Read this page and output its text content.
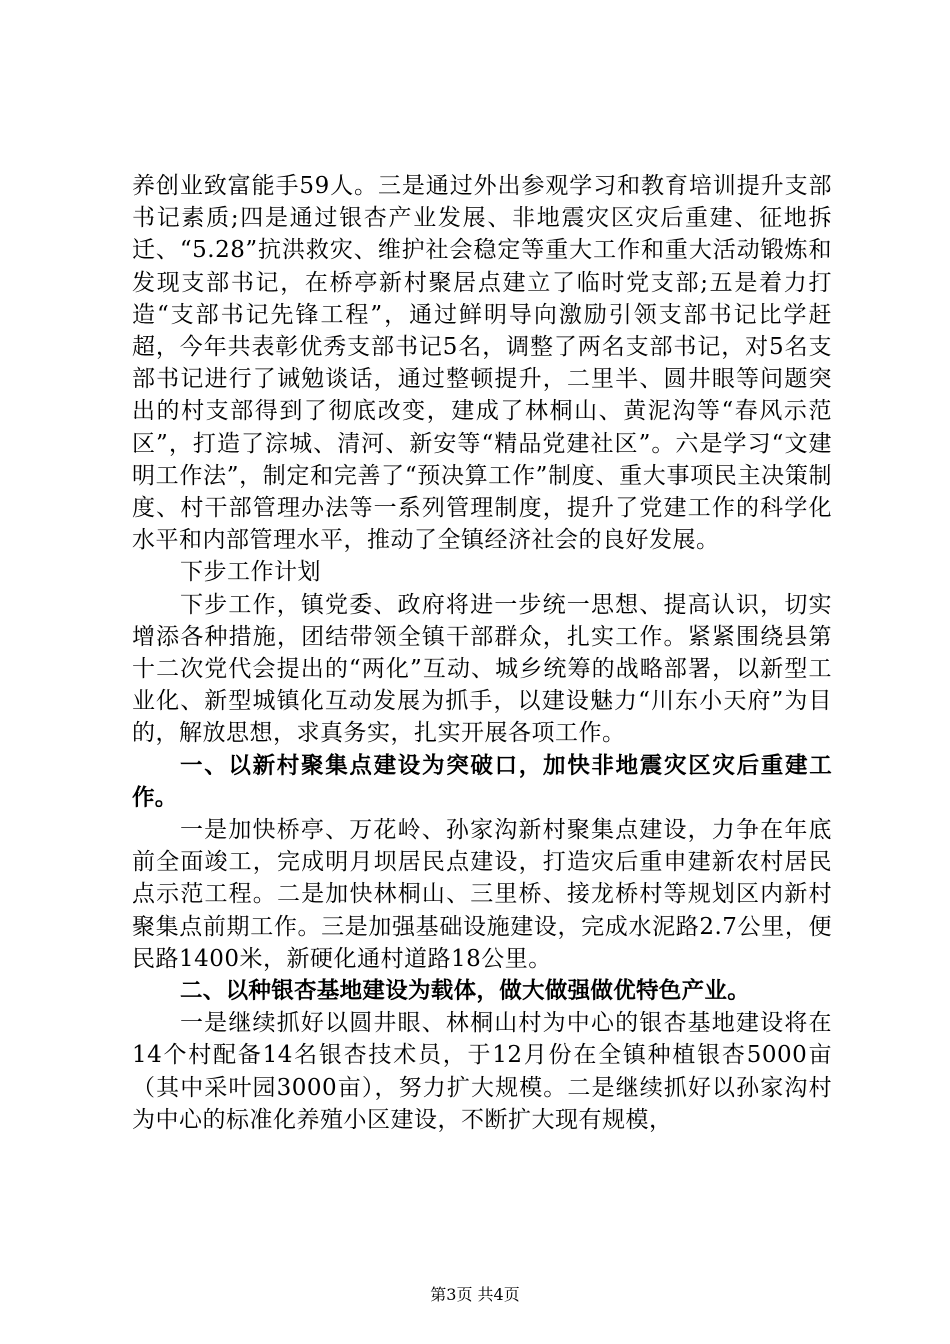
养创业致富能手59人。三是通过外出参观学习和教育培训提升支部书记素质;四是通过银杏产业发展、非地震灾区灾后重建、征地拆迁、“5.28”抗洪救灾、维护社会稳定等重大工作和重大活动锻炼和发现支部书记，在桥亭新村聚居点建立了临时党支部;五是着力打造“支部书记先锋工程”，通过鲜明导向激励引领支部书记比学赶超，今年共表彰优秀支部书记5名，调整了两名支部书记，对5名支部书记进行了诫勉谈话，通过整顿提升，二里半、圆井眼等问题突出的村支部得到了彻底改变，建成了林桐山、黄泥沟等“春风示范区”，打造了淙城、清河、新安等“精品党建社区”。六是学习“文建明工作法”，制定和完善了“预决算工作”制度、重大事项民主决策制度、村干部管理办法等一系列管理制度，提升了党建工作的科学化水平和内部管理水平，推动了全镇经济社会的良好发展。

下步工作计划

下步工作，镇党委、政府将进一步统一思想、提高认识，切实增添各种措施，团结带领全镇干部群众，扎实工作。紧紧围绕县第十二次党代会提出的“两化”互动、城乡统筹的战略部署，以新型工业化、新型城镇化互动发展为抓手，以建设魅力“川东小天府”为目的，解放思想，求真务实，扎实开展各项工作。

一、以新村聚集点建设为突破口，加快非地震灾区灾后重建工作。

一是加快桥亭、万花岭、孙家沟新村聚集点建设，力争在年底前全面竣工，完成明月坝居民点建设，打造灾后重申建新农村居民点示范工程。二是加快林桐山、三里桥、接龙桥村等规划区内新村聚集点前期工作。三是加强基础设施建设，完成水泥路2.7公里，便民路1400米，新硬化通村道路18公里。

二、以种银杏基地建设为载体，做大做强做优特色产业。

一是继续抓好以圆井眼、林桐山村为中心的银杏基地建设将在14个村配备14名银杏技术员，于12月份在全镇种植银杏5000亩（其中采叶园3000亩），努力扩大规模。二是继续抓好以孙家沟村为中心的标准化养殖小区建设，不断扩大现有规模，

第3页 共4页
